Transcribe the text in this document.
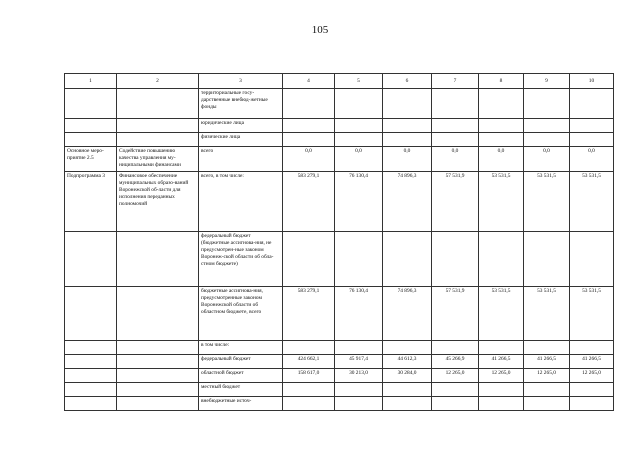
105
1	2	3	4	5	6	7	8	9	10
		территориальные госу-дарственные внебюд-жетные фонды							
		юридические лица							
		физические лица							
Основное меро-приятие 2.5	Содействие повышению качества управления му-ниципальными финансами	всего	0,0	0,0	0,0	0,0	0,0	0,0	0,0
Подпрограмма 3	Финансовое обеспечение муниципальных образо-ваний Воронежской об-ласти для исполнения переданных полномочий	всего, в том числе:	583 279,1	76 130,4	74 896,3	57 531,9	53 531,5	53 531,5	53 531,5
		федеральный бюджет (бюджетные ассигнова-ния, не предусмотрен-ные законом Воронеж-ской области об обла-стном бюджете)							
		бюджетные ассигнова-ния, предусмотренные законом Воронежской области об областном бюджете, всего	583 279,1	76 130,4	74 896,3	57 531,9	53 531,5	53 531,5	53 531,5
		в том числе:							
		федеральный бюджет	424 662,1	45 917,4	44 612,3	45 266,9	41 266,5	41 266,5	41 266,5
		областной бюджет	158 617,0	30 213,0	30 284,0	12 265,0	12 265,0	12 265,0	12 265,0
		местный бюджет							
		внебюджетные источ-							
